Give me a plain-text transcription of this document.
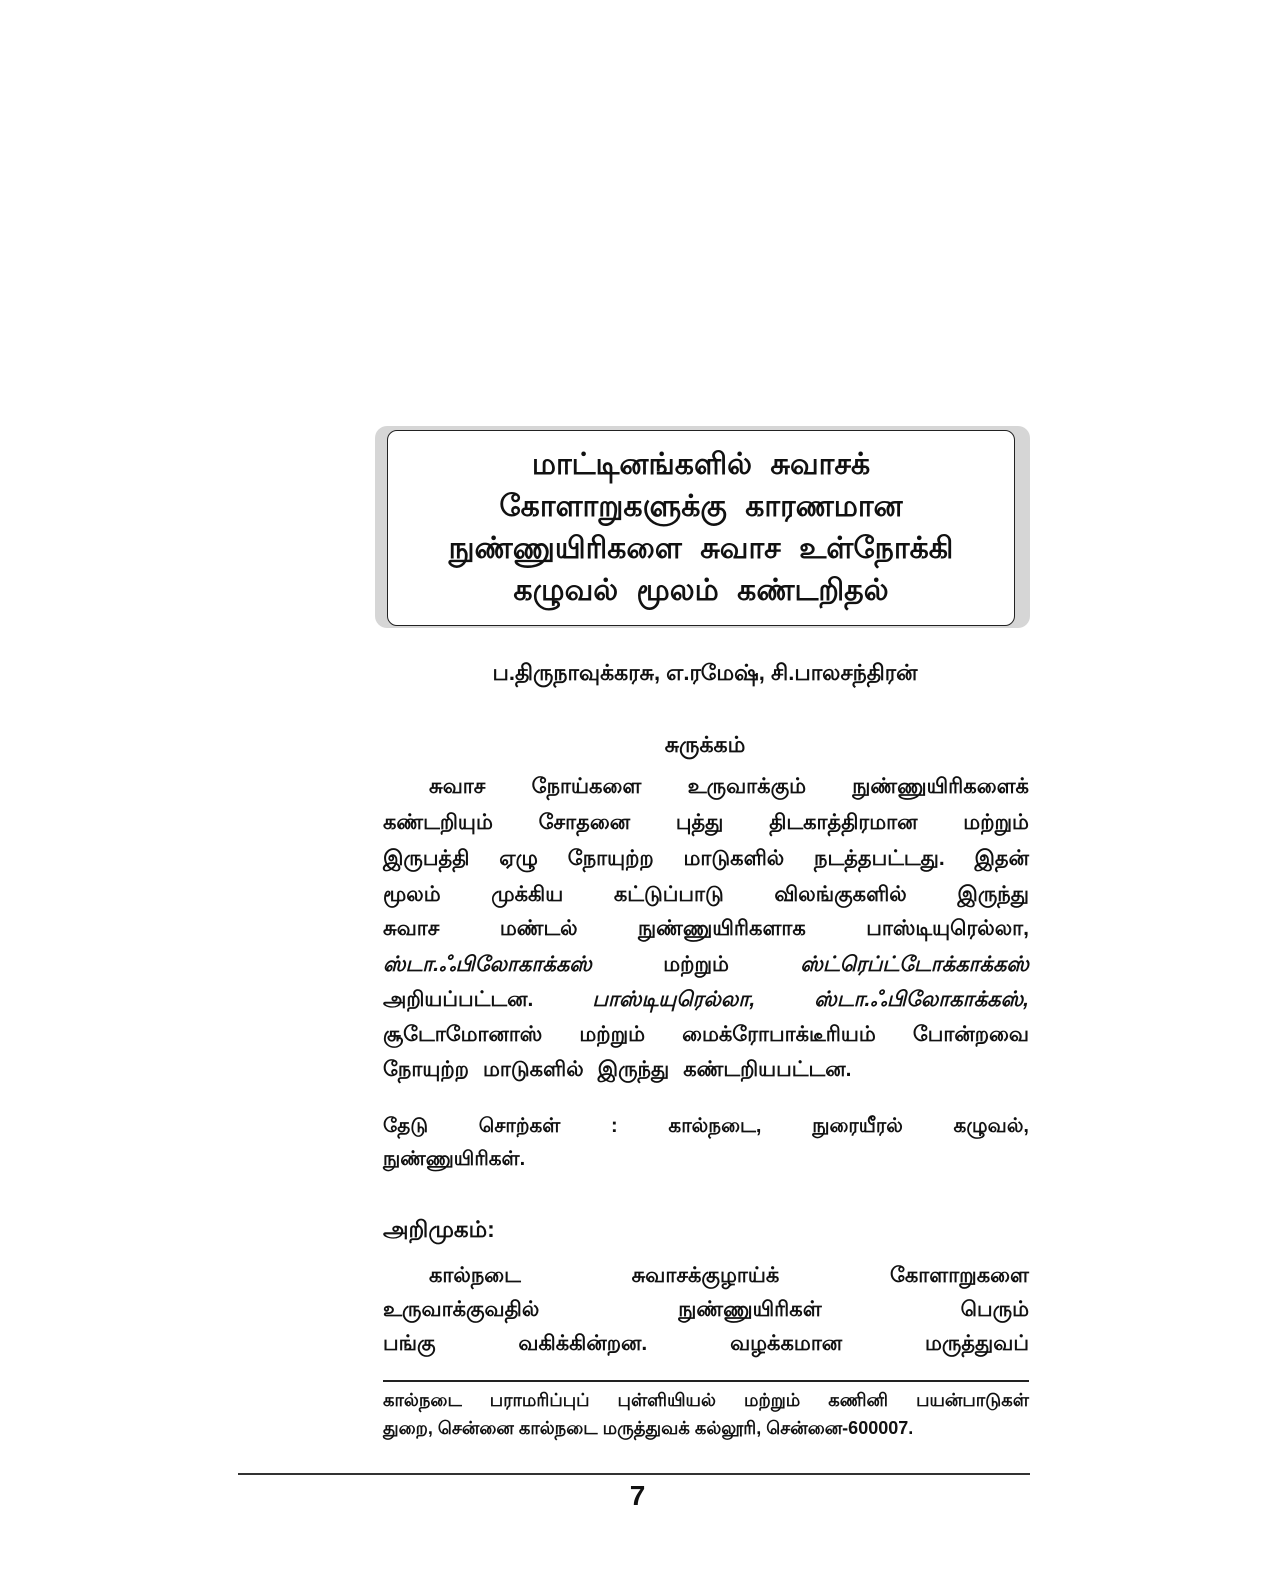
மாட்டினங்களில் சுவாசக்
கோளாறுகளுக்கு காரணமான
நுண்ணுயிரிகளை சுவாச உள்நோக்கி
கழுவல் மூலம் கண்டறிதல்
ப.திருநாவுக்கரசு, எ.ரமேஷ், சி.பாலசந்திரன்
சுருக்கம்
சுவாச நோய்களை உருவாக்கும் நுண்ணுயிரிகளைக்
கண்டறியும் சோதனை புத்து திடகாத்திரமான மற்றும்
இருபத்தி ஏழு நோயுற்ற மாடுகளில் நடத்தபட்டது. இதன்
மூலம் முக்கிய கட்டுப்பாடு விலங்குகளில் இருந்து
சுவாச	மண்டல்	நுண்ணுயிரிகளாக	பாஸ்டியுரெல்லா,
ஸ்டா.ஃபிலோகாக்கஸ்	மற்றும்	ஸ்ட்ரெப்ட்டோக்காக்கஸ்
அறியப்பட்டன.	பாஸ்டியுரெல்லா,	ஸ்டா.ஃபிலோகாக்கஸ்,
சூடோமோனாஸ் மற்றும் மைக்ரோபாக்டீரியம் போன்றவை
நோயுற்ற மாடுகளில் இருந்து கண்டறியபட்டன.
தேடு	சொற்கள்	:	கால்நடை,	நுரையீரல்	கழுவல்,
நுண்ணுயிரிகள்.
அறிமுகம்:
கால்நடை	சுவாசக்குழாய்க்	கோளாறுகளை
உருவாக்குவதில்	நுண்ணுயிரிகள்	பெரும்
பங்கு	வகிக்கின்றன.	வழக்கமான	மருத்துவப்
கால்நடை பராமரிப்புப் புள்ளியியல் மற்றும் கணினி பயன்பாடுகள்
துறை, சென்னை கால்நடை மருத்துவக் கல்லூரி, சென்னை-600007.
7
